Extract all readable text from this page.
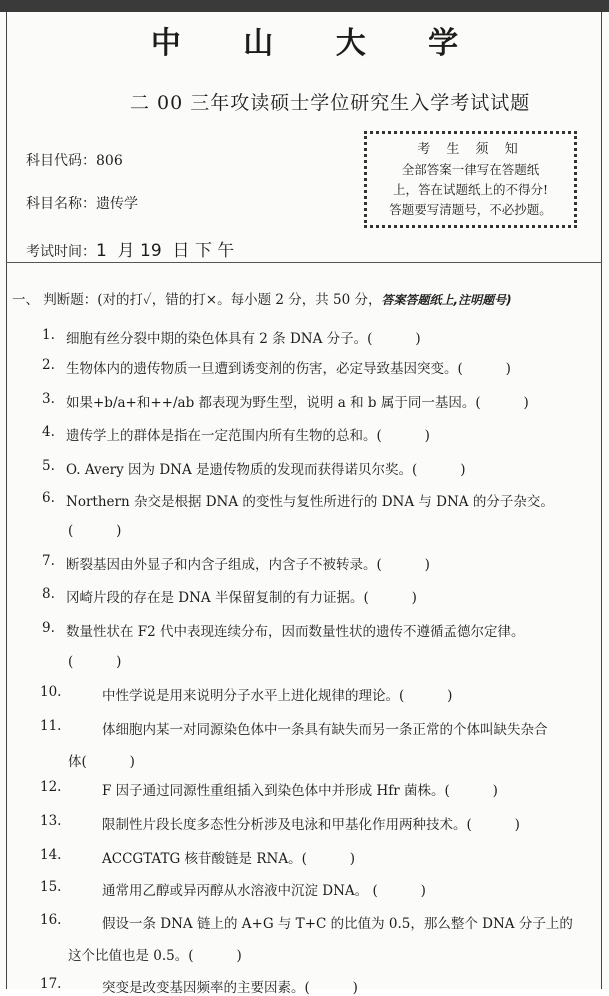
中 山 大 学
二 00 三年攻读硕士学位研究生入学考试试题
科目代码：806
科目名称：遗传学
考试时间：1  月 19  日 下 午
考 生 须 知
全部答案一律写在答题纸
上，答在试题纸上的不得分!
答题要写清题号，不必抄题。
一、 判断题：(对的打✓，错的打×。每小题 2 分，共 50 分，答案答题纸上,注明题号)
1. 细胞有丝分裂中期的染色体具有 2 条 DNA 分子。(          )
2. 生物体内的遗传物质一旦遭到诱变剂的伤害，必定导致基因突变。(          )
3. 如果+b/a+和++/ab 都表现为野生型，说明 a 和 b 属于同一基因。(          )
4. 遗传学上的群体是指在一定范围内所有生物的总和。(          )
5. O. Avery 因为 DNA 是遗传物质的发现而获得诺贝尔奖。(          )
6. Northern 杂交是根据 DNA 的变性与复性所进行的 DNA 与 DNA 的分子杂交。
(          )
7. 断裂基因由外显子和内含子组成，内含子不被转录。(          )
8. 冈崎片段的存在是 DNA 半保留复制的有力证据。(          )
9. 数量性状在 F2 代中表现连续分布，因而数量性状的遗传不遵循孟德尔定律。
(          )
10.	中性学说是用来说明分子水平上进化规律的理论。(          )
11.	体细胞内某一对同源染色体中一条具有缺失而另一条正常的个体叫缺失杂合
体(          )
12.	F 因子通过同源性重组插入到染色体中并形成 Hfr 菌株。(          )
13.	限制性片段长度多态性分析涉及电泳和甲基化作用两种技术。(          )
14.	ACCGTATG 核苷酸链是 RNA。(          )
15.	通常用乙醇或异丙醇从水溶液中沉淀 DNA。 (          )
16.	假设一条 DNA 链上的 A+G 与 T+C 的比值为 0.5，那么整个 DNA 分子上的
这个比值也是 0.5。(          )
17.	突变是改变基因频率的主要因素。(          )
